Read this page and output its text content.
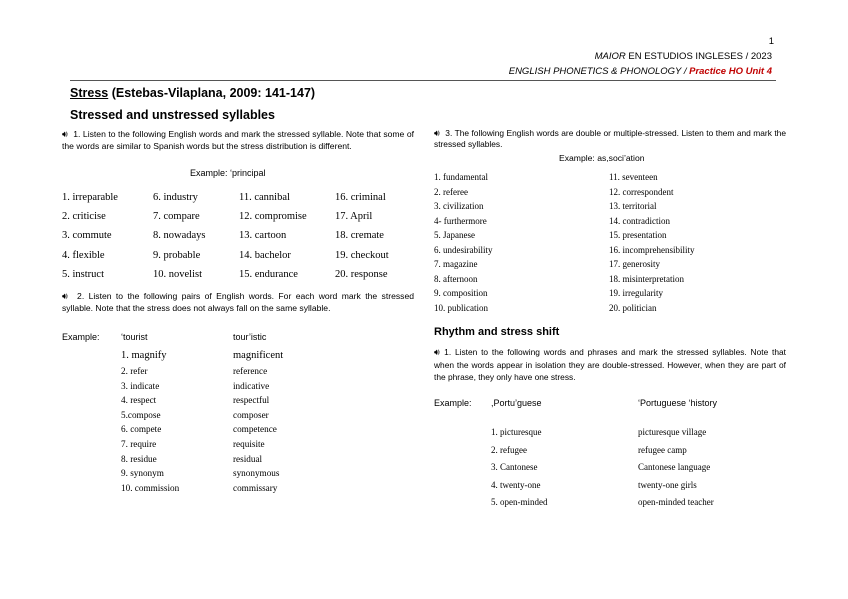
1
MAIOR EN ESTUDIOS INGLESES / 2023
ENGLISH PHONETICS & PHONOLOGY / Practice HO Unit 4
Stress (Estebas-Vilaplana, 2009: 141-147)
Stressed and unstressed syllables
🔊︎ 1. Listen to the following English words and mark the stressed syllable. Note that some of the words are similar to Spanish words but the stress distribution is different.
Example: ‘principal
1. irreparable
2. criticise
3. commute
4. flexible
5. instruct
6. industry
7. compare
8. nowadays
9. probable
10. novelist
11. cannibal
12. compromise
13. cartoon
14. bachelor
15. endurance
16. criminal
17. April
18. cremate
19. checkout
20. response
🔊︎ 2. Listen to the following pairs of English words. For each word mark the stressed syllable. Note that the stress does not always fall on the same syllable.
Example: ‘tourist	tour’istic
1. magnify
2. refer
3. indicate
4. respect
5.compose
6. compete
7. require
8. residue
9. synonym
10. commission
magnificent
reference
indicative
respectful
composer
competence
requisite
residual
synonymous
commissary
🔊︎ 3. The following English words are double or multiple-stressed. Listen to them and mark the stressed syllables.
Example: as,soci’ation
1. fundamental
2. referee
3. civilization
4- furthermore
5. Japanese
6. undesirability
7. magazine
8. afternoon
9. composition
10. publication
11. seventeen
12. correspondent
13. territorial
14. contradiction
15. presentation
16. incomprehensibility
17. generosity
18. misinterpretation
19. irregularity
20. politician
Rhythm and stress shift
🔊︎ 1. Listen to the following words and phrases and mark the stressed syllables. Note that when the words appear in isolation they are double-stressed. However, when they are part of the phrase, they only have one stress.
Example: ,Portu’guese	‘Portuguese ‘history
1. picturesque
2. refugee
3. Cantonese
4. twenty-one
5. open-minded
picturesque village
refugee camp
Cantonese language
twenty-one girls
open-minded teacher
